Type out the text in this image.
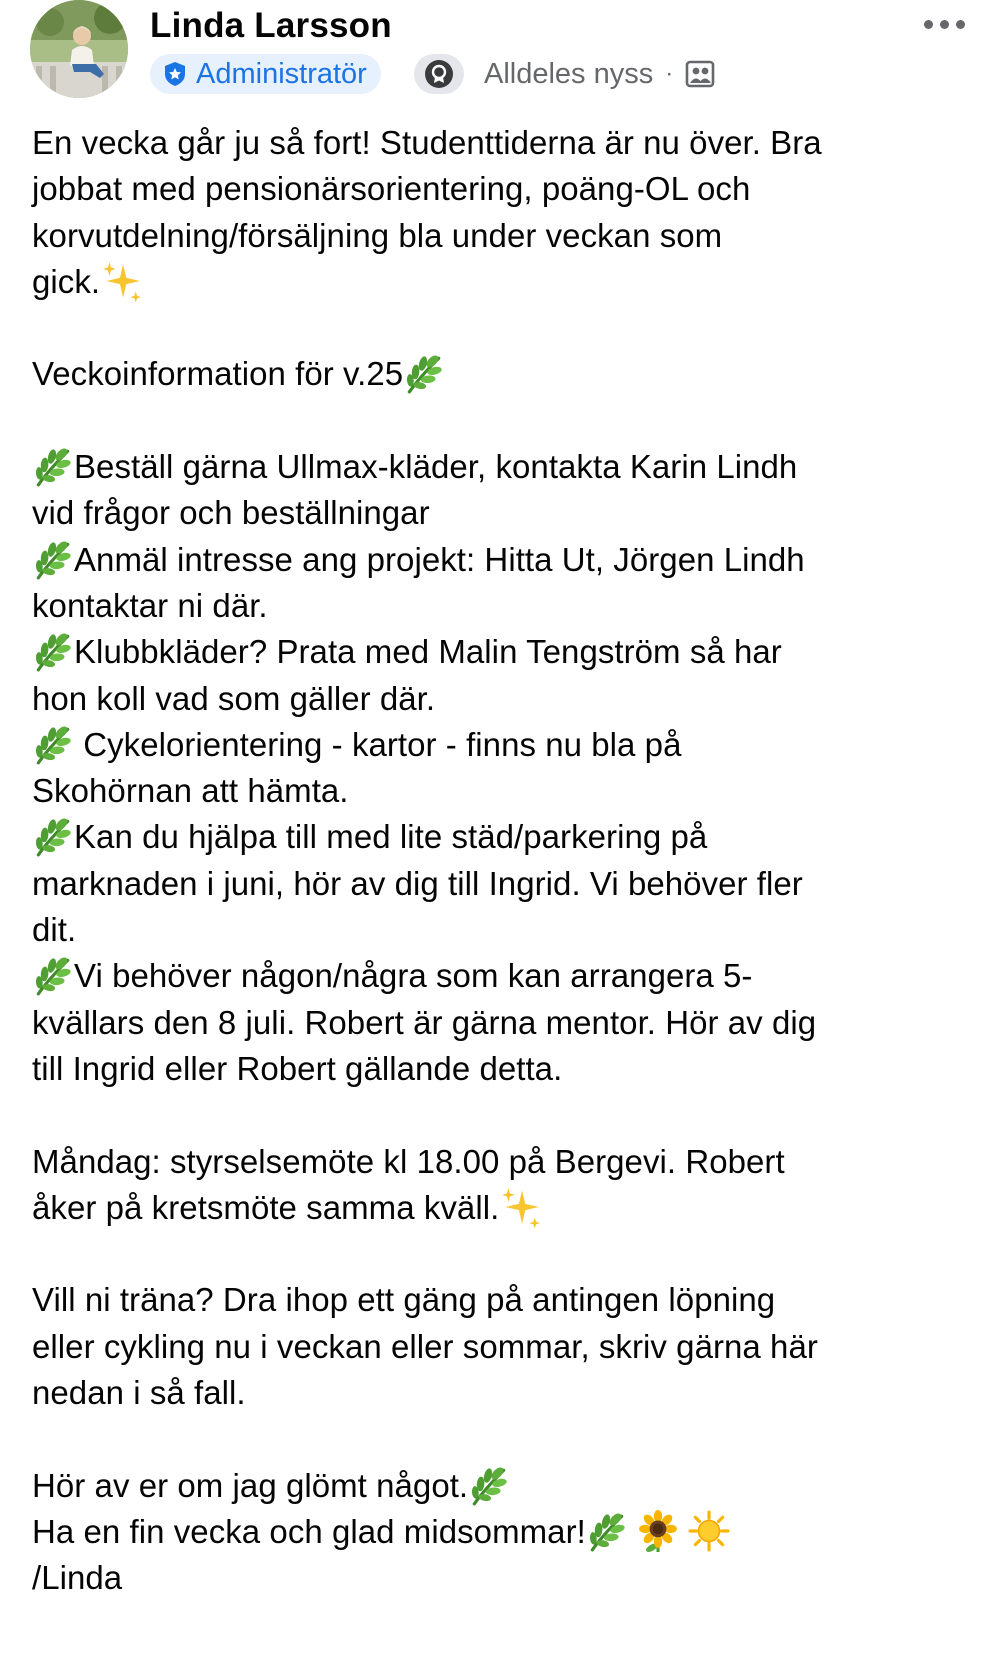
Linda Larsson
Administratör	Alldeles nyss ·
En vecka går ju så fort! Studenttiderna är nu över. Bra
jobbat med pensionärsorientering, poäng-OL och
korvutdelning/försäljning bla under veckan som
gick.
Veckoinformation för v.25
Beställ gärna Ullmax-kläder, kontakta Karin Lindh
vid frågor och beställningar
Anmäl intresse ang projekt: Hitta Ut, Jörgen Lindh
kontaktar ni där.
Klubbkläder? Prata med Malin Tengström så har
hon koll vad som gäller där.
Cykelorientering - kartor - finns nu bla på
Skohörnan att hämta.
Kan du hjälpa till med lite städ/parkering på
marknaden i juni, hör av dig till Ingrid. Vi behöver fler
dit.
Vi behöver någon/några som kan arrangera 5-
kvällars den 8 juli. Robert är gärna mentor. Hör av dig
till Ingrid eller Robert gällande detta.
Måndag: styrselsemöte kl 18.00 på Bergevi. Robert
åker på kretsmöte samma kväll.
Vill ni träna? Dra ihop ett gäng på antingen löpning
eller cykling nu i veckan eller sommar, skriv gärna här
nedan i så fall.
Hör av er om jag glömt något.
Ha en fin vecka och glad midsommar!

/Linda
